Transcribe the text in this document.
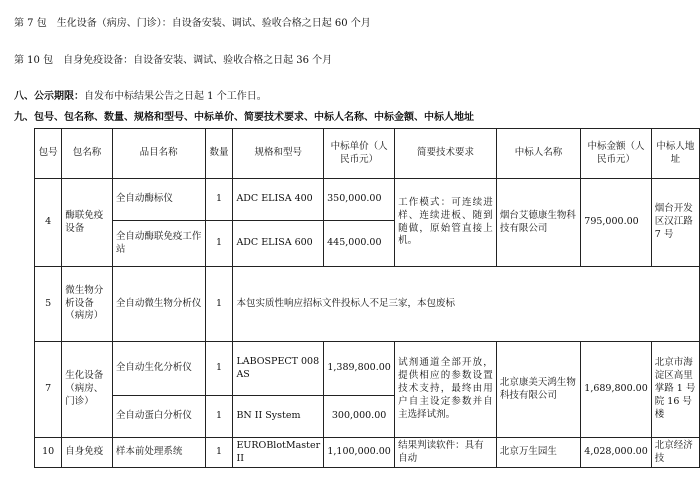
第 7 包　生化设备（病房、门诊）：自设备安装、调试、验收合格之日起 60 个月
第 10 包　自身免疫设备：自设备安装、调试、验收合格之日起 36 个月
八、公示期限：自发布中标结果公告之日起 1 个工作日。
九、包号、包名称、数量、规格和型号、中标单价、简要技术要求、中标人名称、中标金额、中标人地址
包号	包名称	品目名称	数量	规格和型号	中标单价（人民币元）	简要技术要求	中标人名称	中标金额（人民币元）	中标人地址
4	酶联免疫设备	全自动酶标仪	1	ADC ELISA 400	350,000.00	工作模式：可连续进样、连续进板、随到随做，原始管直接上机。	烟台艾德康生物科技有限公司	795,000.00	烟台开发区汉江路 7 号
		全自动酶联免疫工作站	1	ADC ELISA 600	445,000.00				
5	微生物分析设备（病房）	全自动微生物分析仪	1	本包实质性响应招标文件投标人不足三家，本包废标					
7	生化设备（病房、门诊）	全自动生化分析仪	1	LABOSPECT 008 AS	1,389,800.00	试剂通道全部开放，提供相应的参数设置技术支持，最终由用户自主设定参数并自主选择试剂。	北京康美天鸿生物科技有限公司	1,689,800.00	北京市海淀区高里掌路 1 号院 16 号楼
		全自动蛋白分析仪	1	BN II System	300,000.00				
10	自身免疫	样本前处理系统	1	EUROBlotMaster II	1,100,000.00	结果判读软件：具有自动	北京万生园生	4,028,000.00	北京经济技
